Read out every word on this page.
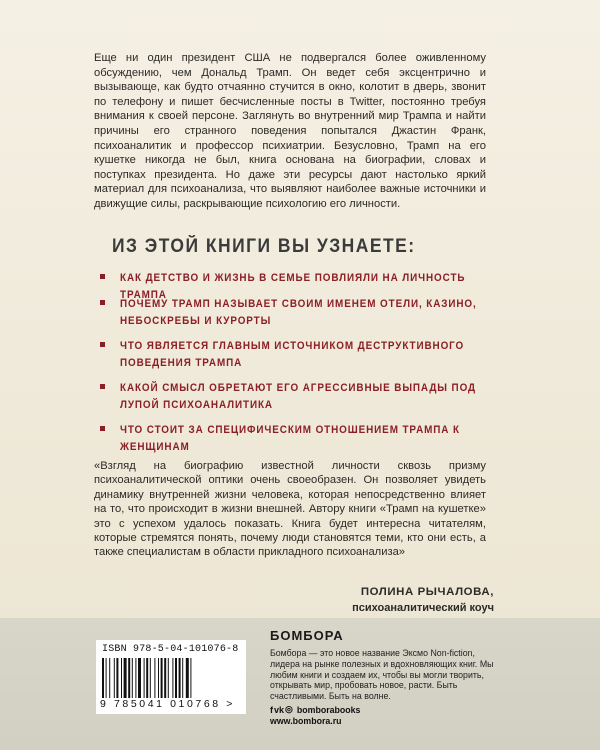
Еще ни один президент США не подвергался более оживленному обсуждению, чем Дональд Трамп. Он ведет себя эксцентрично и вызывающе, как будто отчаянно стучится в окно, колотит в дверь, звонит по телефону и пишет бесчисленные посты в Twitter, постоянно требуя внимания к своей персоне. Заглянуть во внутренний мир Трампа и найти причины его странного поведения попытался Джастин Франк, психоаналитик и профессор психиатрии. Безусловно, Трамп на его кушетке никогда не был, книга основана на биографии, словах и поступках президента. Но даже эти ресурсы дают настолько яркий материал для психоанализа, что выявляют наиболее важные источники и движущие силы, раскрывающие психологию его личности.

ИЗ ЭТОЙ КНИГИ ВЫ УЗНАЕТЕ:
КАК ДЕТСТВО И ЖИЗНЬ В СЕМЬЕ ПОВЛИЯЛИ НА ЛИЧНОСТЬ ТРАМПА
ПОЧЕМУ ТРАМП НАЗЫВАЕТ СВОИМ ИМЕНЕМ ОТЕЛИ, КАЗИНО, НЕБОСКРЕБЫ И КУРОРТЫ
ЧТО ЯВЛЯЕТСЯ ГЛАВНЫМ ИСТОЧНИКОМ ДЕСТРУКТИВНОГО ПОВЕДЕНИЯ ТРАМПА
КАКОЙ СМЫСЛ ОБРЕТАЮТ ЕГО АГРЕССИВНЫЕ ВЫПАДЫ ПОД ЛУПОЙ ПСИХОАНАЛИТИКА
ЧТО СТОИТ ЗА СПЕЦИФИЧЕСКИМ ОТНОШЕНИЕМ ТРАМПА К ЖЕНЩИНАМ

«Взгляд на биографию известной личности сквозь призму психоаналитической оптики очень своеобразен. Он позволяет увидеть динамику внутренней жизни человека, которая непосредственно влияет на то, что происходит в жизни внешней. Автору книги «Трамп на кушетке» это с успехом удалось показать. Книга будет интересна читателям, которые стремятся понять, почему люди становятся теми, кто они есть, а также специалистам в области прикладного психоанализа»

ПОЛИНА РЫЧАЛОВА,

психоаналитический коуч

ISBN 978-5-04-101076-8
9 785041 010768 >

БОМБОРА

Бомбора — это новое название Эксмо Non-fiction, лидера на рынке полезных и вдохновляющих книг. Мы любим книги и создаем их, чтобы вы могли творить, открывать мир, пробовать новое, расти. Быть счастливыми. Быть на волне.

f vk ◎ bomborabooks

www.bombora.ru
